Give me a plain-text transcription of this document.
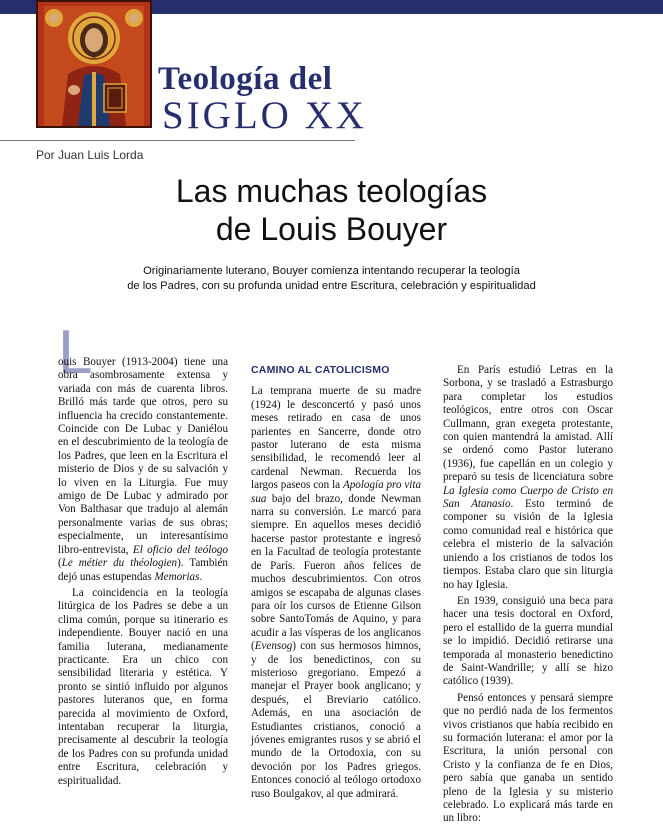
Teología del
SIGLO XX
Por Juan Luis Lorda
Las muchas teologías
de Louis Bouyer
Originariamente luterano, Bouyer comienza intentando recuperar la teología
de los Padres, con su profunda unidad entre Escritura, celebración y espiritualidad
L

ouis Bouyer (1913-2004) tiene una obra asombrosamente extensa y variada con más de cuarenta libros. Brilló más tarde que otros, pero su influencia ha crecido constantemente. Coincide con De Lubac y Daniélou en el descubrimiento de la teología de los Padres, que leen en la Escritura el misterio de Dios y de su salvación y lo viven en la Liturgia. Fue muy amigo de De Lubac y admirado por Von Balthasar que tradujo al alemán personalmente varias de sus obras; especialmente, un interesantísimo libro-entrevista, El oficio del teólogo (Le métier du théologien). También dejó unas estupendas Memorias.

La coincidencia en la teología litúrgica de los Padres se debe a un clima común, porque su itinerario es independiente. Bouyer nació en una familia luterana, medianamente practicante. Era un chico con sensibilidad literaria y estética. Y pronto se sintió influido por algunos pastores luteranos que, en forma parecida al movimiento de Oxford, intentaban recuperar la liturgia, precisamente al descubrir la teología de los Padres con su profunda unidad entre Escritura, celebración y espiritualidad.

CAMINO AL CATOLICISMO

La temprana muerte de su madre (1924) le desconcertó y pasó unos meses retirado en casa de unos parientes en Sancerre, donde otro pastor luterano de esta misma sensibilidad, le recomendó leer al cardenal Newman. Recuerda los largos paseos con la Apología pro vita sua bajo del brazo, donde Newman narra su conversión. Le marcó para siempre. En aquellos meses decidió hacerse pastor protestante e ingresó en la Facultad de teología protestante de París. Fueron años felices de muchos descubrimientos. Con otros amigos se escapaba de algunas clases para oír los cursos de Etienne Gilson sobre SantoTomás de Aquino, y para acudir a las vísperas de los anglicanos (Evensog) con sus hermosos himnos, y de los benedictinos, con su misterioso gregoriano. Empezó a manejar el Prayer book anglicano; y después, el Breviario católico. Además, en una asociación de Estudiantes cristianos, conoció a jóvenes emigrantes rusos y se abrió el mundo de la Ortodoxia, con su devoción por los Padres griegos. Entonces conoció al teólogo ortodoxo ruso Boulgakov, al que admirará.

En París estudió Letras en la Sorbona, y se trasladó a Estrasburgo para completar los estudios teológicos, entre otros con Oscar Cullmann, gran exegeta protestante, con quien mantendrá la amistad. Allí se ordenó como Pastor luterano (1936), fue capellán en un colegio y preparó su tesis de licenciatura sobre La Iglesia como Cuerpo de Cristo en San Atanasio. Esto terminó de componer su visión de la Iglesia como comunidad real e histórica que celebra el misterio de la salvación uniendo a los cristianos de todos los tiempos. Estaba claro que sin liturgia no hay Iglesia.

En 1939, consiguió una beca para hacer una tesis doctoral en Oxford, pero el estallido de la guerra mundial se lo impidió. Decidió retirarse una temporada al monasterio benedictino de Saint-Wandrille; y allí se hizo católico (1939).

Pensó entonces y pensará siempre que no perdió nada de los fermentos vivos cristianos que había recibido en su formación luterana: el amor por la Escritura, la unión personal con Cristo y la confianza de fe en Dios, pero sabía que ganaba un sentido pleno de la Iglesia y su misterio celebrado. Lo explicará más tarde en un libro:
